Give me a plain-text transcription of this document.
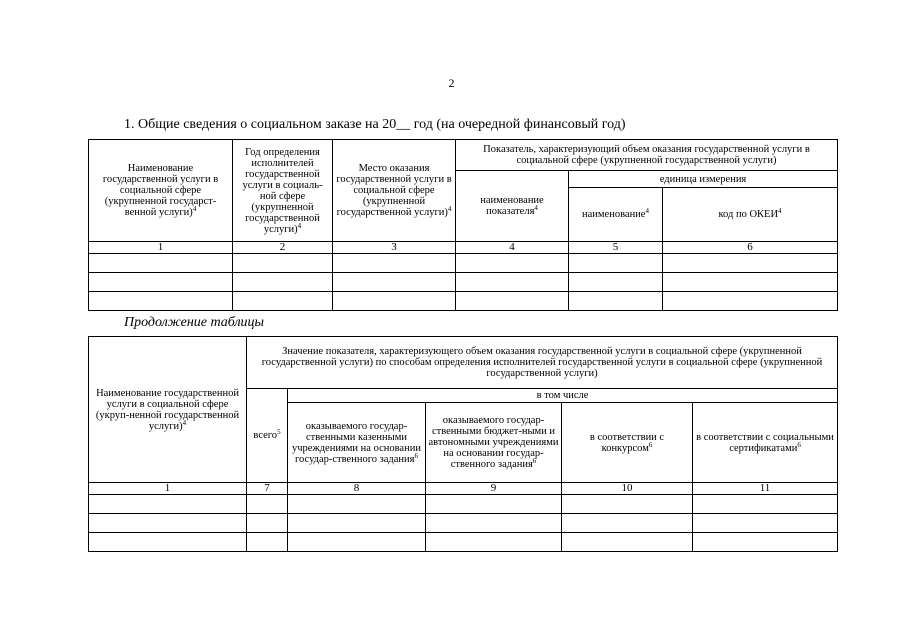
2
1. Общие сведения о социальном заказе на 20__ год (на очередной финансовый год)
Наименование государственной услуги в социальной сфере (укрупненной государст-венной услуги)$^4$	Год определения исполнителей государственной услуги в социаль-ной сфере (укрупненной государственной услуги)$^4$	Место оказания государственной услуги в социальной сфере (укрупненной государственной услуги)$^4$	Показатель, характеризующий объем оказания государственной услуги в социальной сфере (укрупненной государственной услуги)		
			наименование показателя$^4$	единица измерения	
				наименование$^4$	код по ОКЕИ$^4$
1	2	3	4	5	6

Продолжение таблицы
Наименование государственной услуги в социальной сфере (укруп-ненной государственной услуги)$^4$	Значение показателя, характеризующего объем оказания государственной услуги в социальной сфере (укрупненной государственной услуги) по способам определения исполнителей государственной услуги в социальной сфере (укрупненной государственной услуги)				
	всего$^5$	в том числе			
		оказываемого государ-ственными казенными учреждениями на основании государ-ственного задания$^6$	оказываемого государ-ственными бюджет-ными и автономными учреждениями на основании государ-ственного задания$^6$	в соответствии с конкурсом$^6$	в соответствии с социальными сертификатами$^6$
1	7	8	9	10	11
